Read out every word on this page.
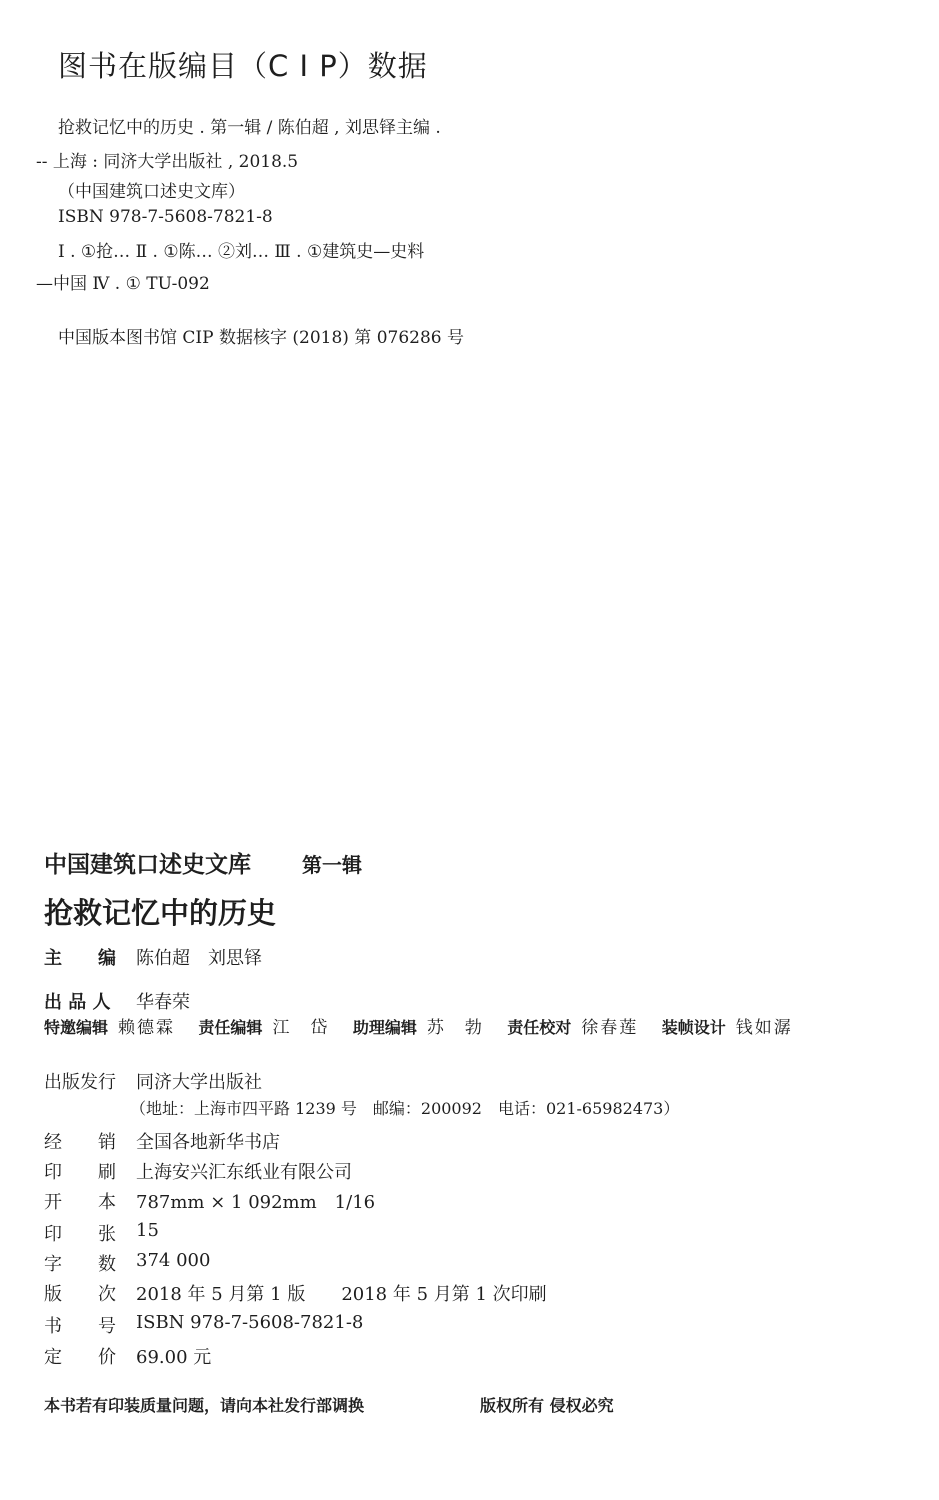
图书在版编目（C I P）数据
抢救记忆中的历史 . 第一辑 / 陈伯超 , 刘思铎主编 .
-- 上海 : 同济大学出版社 , 2018.5
（中国建筑口述史文库）
ISBN 978-7-5608-7821-8
Ⅰ . ①抢… Ⅱ . ①陈… ②刘… Ⅲ . ①建筑史—史料
—中国 Ⅳ . ① TU-092
中国版本图书馆 CIP 数据核字 (2018) 第 076286 号
中国建筑口述史文库	第一辑
抢救记忆中的历史
主　　编 陈伯超　刘思铎
出 品 人 华春荣
特邀编辑 赖德霖 责任编辑 江　岱 助理编辑 苏　勃 责任校对 徐春莲 装帧设计 钱如潺
出版发行 同济大学出版社
（地址：上海市四平路 1239 号　邮编：200092　电话：021-65982473）
经　　销 全国各地新华书店
印　　刷 上海安兴汇东纸业有限公司
开　　本 787mm × 1 092mm　1/16
印　　张 15
字　　数 374 000
版　　次 2018 年 5 月第 1 版　　2018 年 5 月第 1 次印刷
书　　号 ISBN 978-7-5608-7821-8
定　　价 69.00 元
本书若有印装质量问题，请向本社发行部调换	版权所有 侵权必究
